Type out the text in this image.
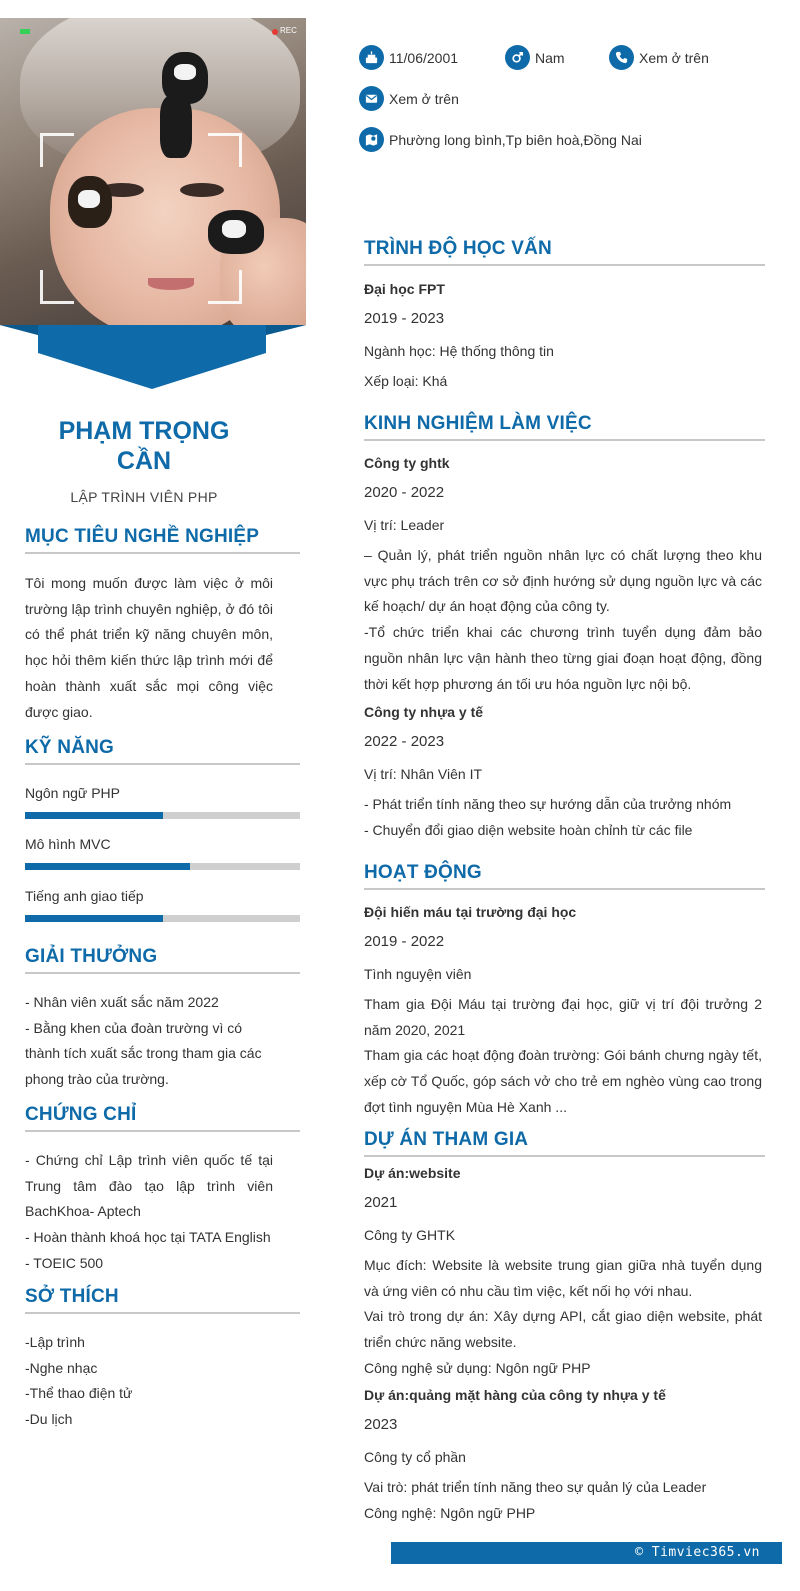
REC
PHẠM TRỌNG
CẦN
LẬP TRÌNH VIÊN PHP
MỤC TIÊU NGHỀ NGHIỆP
Tôi mong muốn được làm việc ở môi trường lập trình chuyên nghiệp, ở đó tôi có thể phát triển kỹ năng chuyên môn, học hỏi thêm kiến thức lập trình mới để hoàn thành xuất sắc mọi công việc được giao.
KỸ NĂNG
Ngôn ngữ PHP
Mô hình MVC
Tiếng anh giao tiếp
GIẢI THƯỞNG
- Nhân viên xuất sắc năm 2022
- Bằng khen của đoàn trường vì có thành tích xuất sắc trong tham gia các phong trào của trường.
CHỨNG CHỈ
- Chứng chỉ Lập trình viên quốc tế tại Trung tâm đào tạo lập trình viên BachKhoa- Aptech
- Hoàn thành khoá học tại TATA English
- TOEIC 500
SỞ THÍCH
-Lập trình
-Nghe nhạc
-Thể thao điện tử
-Du lịch
11/06/2001	Nam	Xem ở trên
Xem ở trên
Phường long bình,Tp biên hoà,Đồng Nai
TRÌNH ĐỘ HỌC VẤN
Đại học FPT
2019 - 2023
Ngành học: Hệ thống thông tin
Xếp loại: Khá
KINH NGHIỆM LÀM VIỆC
Công ty ghtk
2020 - 2022
Vị trí: Leader

– Quản lý, phát triển nguồn nhân lực có chất lượng theo khu vực phụ trách trên cơ sở định hướng sử dụng nguồn lực và các kế hoạch/ dự án hoạt động của công ty.

-Tổ chức triển khai các chương trình tuyển dụng đảm bảo nguồn nhân lực vận hành theo từng giai đoạn hoạt động, đồng thời kết hợp phương án tối ưu hóa nguồn lực nội bộ.

Công ty nhựa y tế
2022 - 2023
Vị trí: Nhân Viên IT

- Phát triển tính năng theo sự hướng dẫn của trưởng nhóm

- Chuyển đổi giao diện website hoàn chỉnh từ các file

HOẠT ĐỘNG
Đội hiến máu tại trường đại học
2019 - 2022
Tình nguyện viên

Tham gia Đội Máu tại trường đại học, giữ vị trí đội trưởng 2 năm 2020, 2021

Tham gia các hoạt động đoàn trường: Gói bánh chưng ngày tết, xếp cờ Tổ Quốc, góp sách vở cho trẻ em nghèo vùng cao trong đợt tình nguyện Mùa Hè Xanh ...

DỰ ÁN THAM GIA
Dự án:website
2021
Công ty GHTK

Mục đích: Website là website trung gian giữa nhà tuyển dụng và ứng viên có nhu cầu tìm việc, kết nối họ với nhau.

Vai trò trong dự án: Xây dựng API, cắt giao diện website, phát triển chức năng website.

Công nghệ sử dụng: Ngôn ngữ PHP

Dự án:quảng mặt hàng của công ty nhựa y tế
2023
Công ty cổ phần

Vai trò: phát triển tính năng theo sự quản lý của Leader

Công nghệ: Ngôn ngữ PHP

© Timviec365.vn
